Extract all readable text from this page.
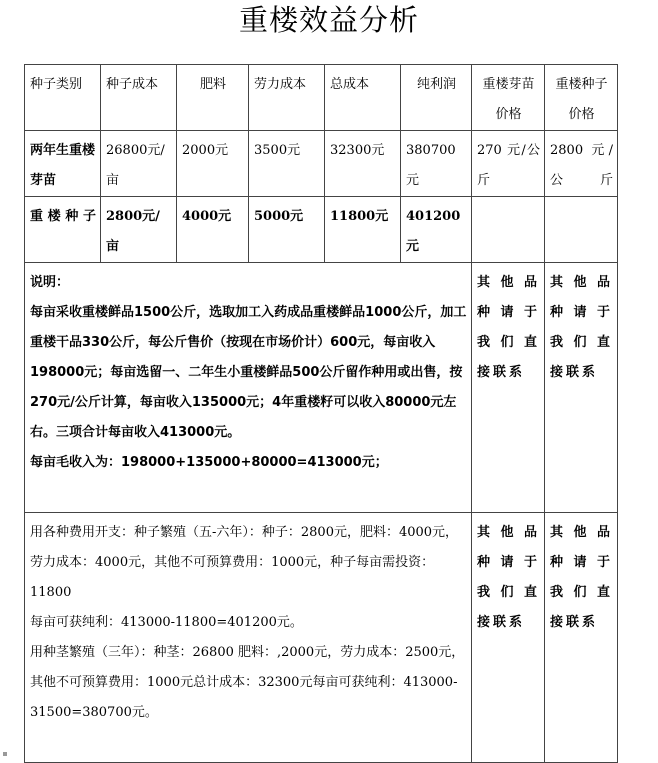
重楼效益分析
种子类别	种子成本	肥料	劳力成本	总成本	纯利润	重楼芽苗价格	重楼种子价格
两年生重楼芽苗	26800元/亩	2000元	3500元	32300元	380700元	270 元/公斤	2800 元/公斤
重楼种子	2800元/亩	4000元	5000元	11800元	401200元		

说明：
每亩采收重楼鲜品1500公斤，选取加工入药成品重楼鲜品1000公斤，加工重楼干品330公斤，每公斤售价（按现在市场价计）600元，每亩收入198000元；每亩选留一、二年生小重楼鲜品500公斤留作种用或出售，按270元/公斤计算，每亩收入135000元；4年重楼籽可以收入80000元左右。三项合计每亩收入413000元。
每亩毛收入为：198000+135000+80000=413000元；						其他品种请于我们直接联系	其他品种请于我们直接联系

用各种费用开支：种子繁殖（五-六年）：种子：2800元，肥料：4000元，劳力成本：4000元，其他不可预算费用：1000元，种子每亩需投资：11800
每亩可获纯利：413000-11800=401200元。
用种茎繁殖（三年）：种茎：26800 肥料：,2000元，劳力成本：2500元，其他不可预算费用：1000元总计成本：32300元每亩可获纯利：413000-31500=380700元。						其他品种请于我们直接联系	其他品种请于我们直接联系
